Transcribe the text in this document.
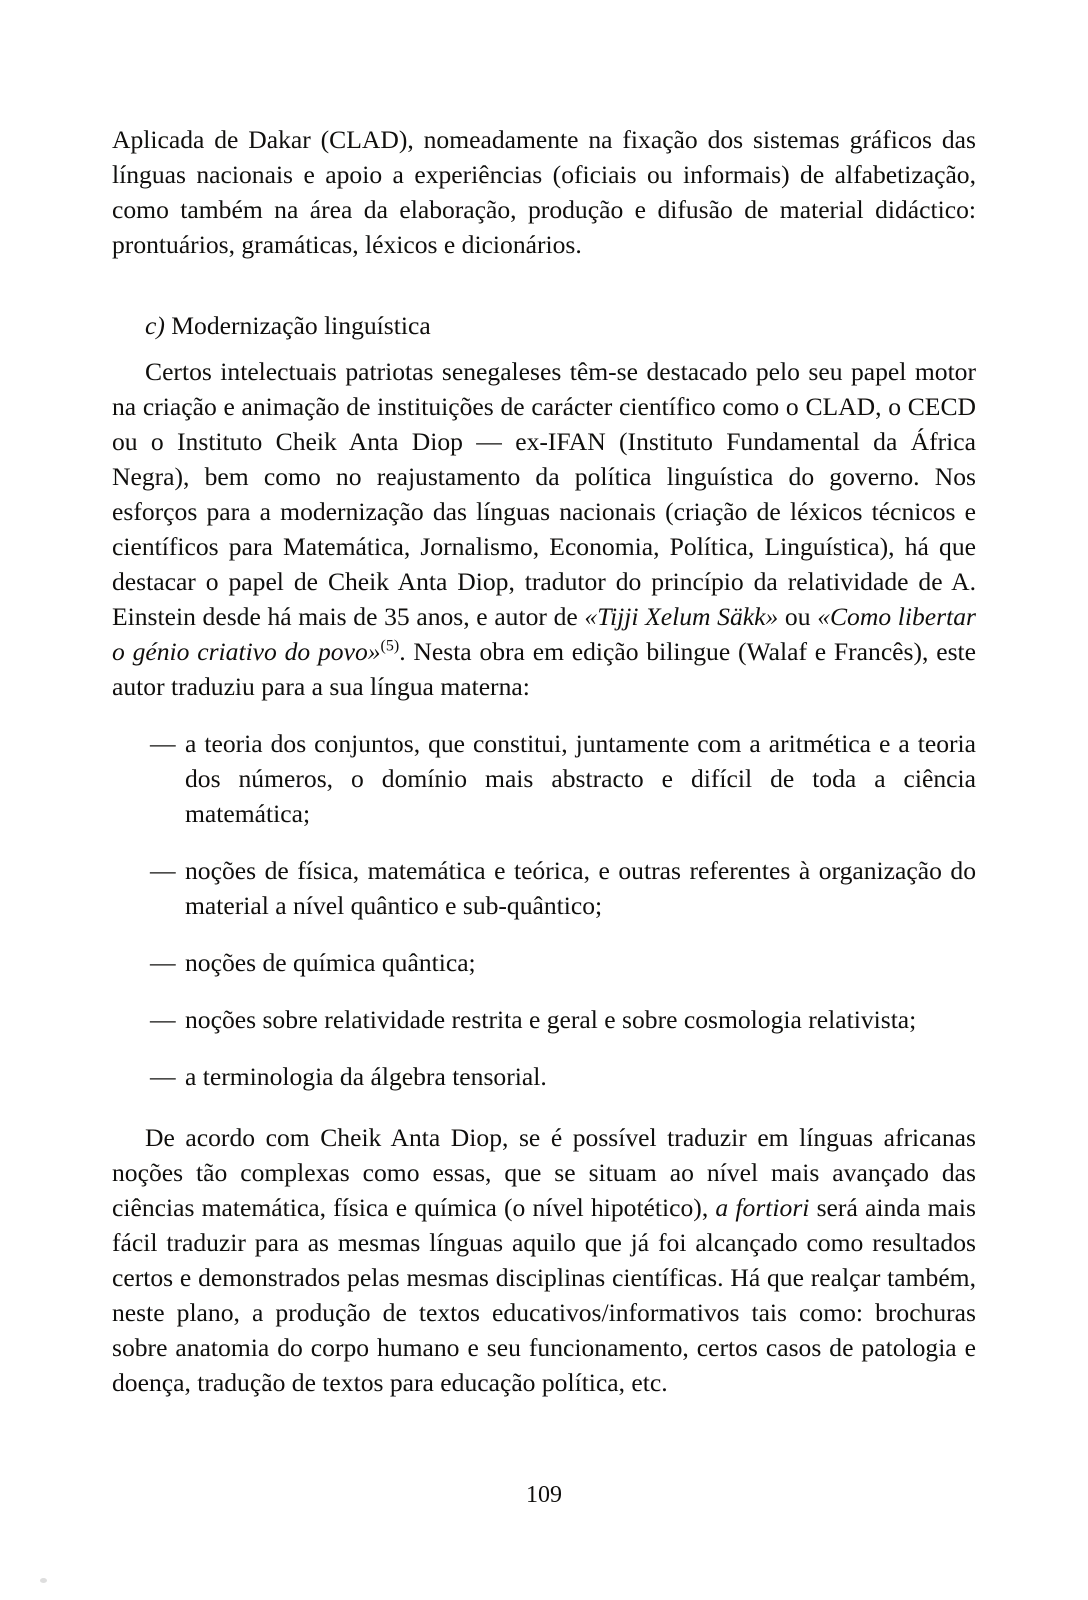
Aplicada de Dakar (CLAD), nomeadamente na fixação dos sistemas gráficos das línguas nacionais e apoio a experiências (oficiais ou informais) de alfabetização, como também na área da elaboração, produção e difusão de material didáctico: prontuários, gramáticas, léxicos e dicionários.

c) Modernização linguística

Certos intelectuais patriotas senegaleses têm-se destacado pelo seu papel motor na criação e animação de instituições de carácter científico como o CLAD, o CECD ou o Instituto Cheik Anta Diop — ex-IFAN (Instituto Fundamental da África Negra), bem como no reajustamento da política linguística do governo. Nos esforços para a modernização das línguas nacionais (criação de léxicos técnicos e científicos para Matemática, Jornalismo, Economia, Política, Linguística), há que destacar o papel de Cheik Anta Diop, tradutor do princípio da relatividade de A. Einstein desde há mais de 35 anos, e autor de «Tijji Xelum Säkk» ou «Como libertar o génio criativo do povo»$^{(5)}$. Nesta obra em edição bilingue (Walaf e Francês), este autor traduziu para a sua língua materna:

— a teoria dos conjuntos, que constitui, juntamente com a aritmética e a teoria dos números, o domínio mais abstracto e difícil de toda a ciência matemática;
— noções de física, matemática e teórica, e outras referentes à organização do material a nível quântico e sub-quântico;
— noções de química quântica;
— noções sobre relatividade restrita e geral e sobre cosmologia relativista;
— a terminologia da álgebra tensorial.

De acordo com Cheik Anta Diop, se é possível traduzir em línguas africanas noções tão complexas como essas, que se situam ao nível mais avançado das ciências matemática, física e química (o nível hipotético), a fortiori será ainda mais fácil traduzir para as mesmas línguas aquilo que já foi alcançado como resultados certos e demonstrados pelas mesmas disciplinas científicas. Há que realçar também, neste plano, a produção de textos educativos/informativos tais como: brochuras sobre anatomia do corpo humano e seu funcionamento, certos casos de patologia e doença, tradução de textos para educação política, etc.

109
